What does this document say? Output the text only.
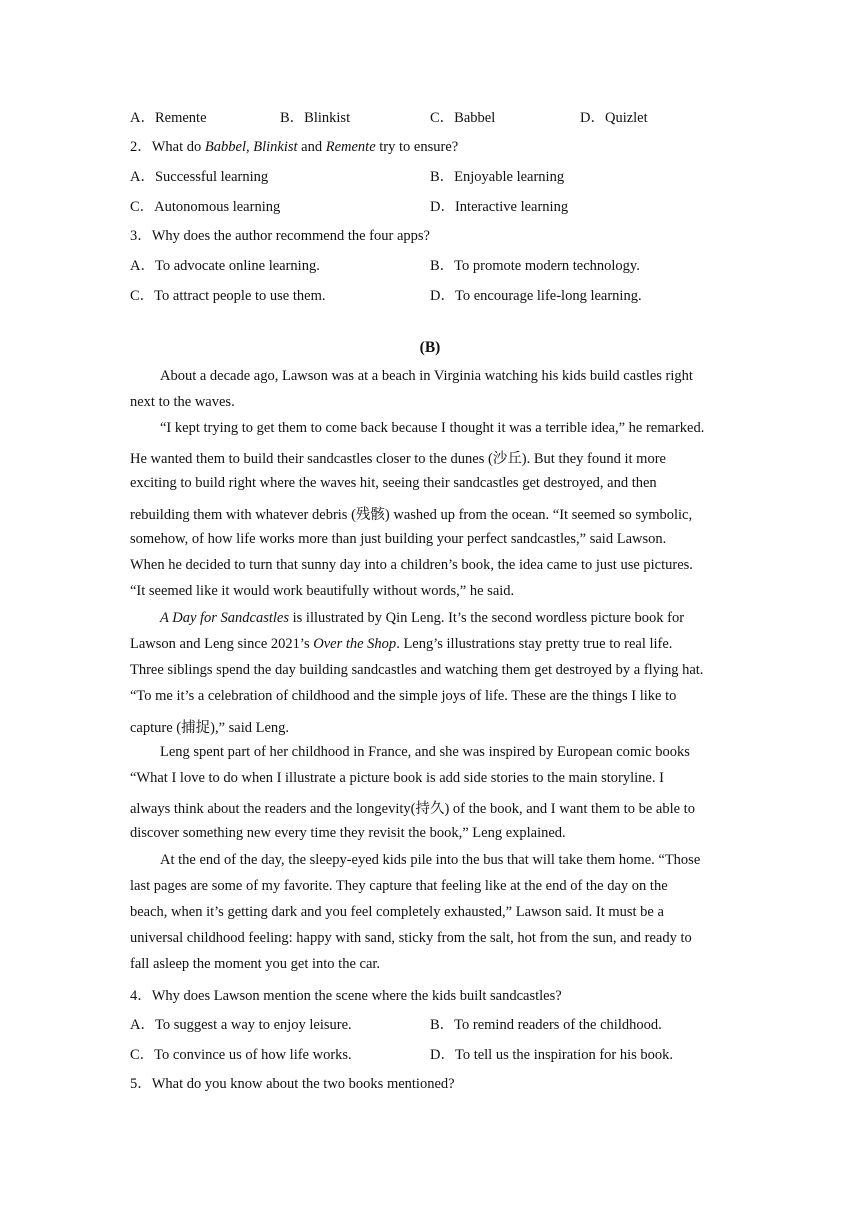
A．Remente	B．Blinkist	C．Babbel	D．Quizlet
2．What do Babbel, Blinkist and Remente try to ensure?
A．Successful learning	B．Enjoyable learning
C．Autonomous learning	D．Interactive learning
3．Why does the author recommend the four apps?
A．To advocate online learning.	B．To promote modern technology.
C．To attract people to use them.	D．To encourage life-long learning.
(B)
About a decade ago, Lawson was at a beach in Virginia watching his kids build castles right
next to the waves.
“I kept trying to get them to come back because I thought it was a terrible idea,” he remarked.
He wanted them to build their sandcastles closer to the dunes (沙丘). But they found it more
exciting to build right where the waves hit, seeing their sandcastles get destroyed, and then
rebuilding them with whatever debris (残骸) washed up from the ocean. “It seemed so symbolic,
somehow, of how life works more than just building your perfect sandcastles,” said Lawson.
When he decided to turn that sunny day into a children’s book, the idea came to just use pictures.
“It seemed like it would work beautifully without words,” he said.
A Day for Sandcastles is illustrated by Qin Leng. It’s the second wordless picture book for
Lawson and Leng since 2021’s Over the Shop. Leng’s illustrations stay pretty true to real life.
Three siblings spend the day building sandcastles and watching them get destroyed by a flying hat.
“To me it’s a celebration of childhood and the simple joys of life. These are the things I like to
capture (捕捉),” said Leng.
Leng spent part of her childhood in France, and she was inspired by European comic books
“What I love to do when I illustrate a picture book is add side stories to the main storyline. I
always think about the readers and the longevity(持久) of the book, and I want them to be able to
discover something new every time they revisit the book,” Leng explained.
At the end of the day, the sleepy-eyed kids pile into the bus that will take them home. “Those
last pages are some of my favorite. They capture that feeling like at the end of the day on the
beach, when it’s getting dark and you feel completely exhausted,” Lawson said. It must be a
universal childhood feeling: happy with sand, sticky from the salt, hot from the sun, and ready to
fall asleep the moment you get into the car.
4．Why does Lawson mention the scene where the kids built sandcastles?
A．To suggest a way to enjoy leisure.	B．To remind readers of the childhood.
C．To convince us of how life works.	D．To tell us the inspiration for his book.
5．What do you know about the two books mentioned?
